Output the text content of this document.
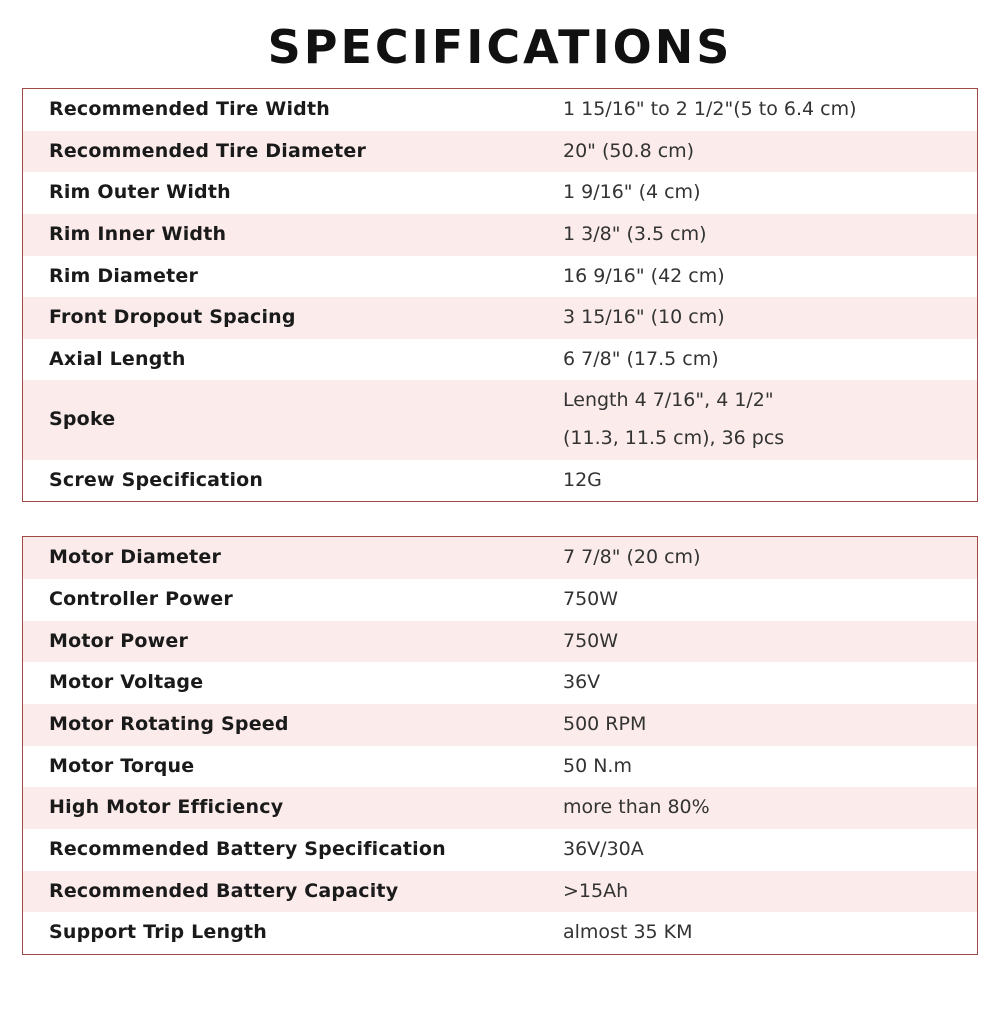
SPECIFICATIONS
Recommended Tire Width	1 15/16" to 2 1/2"(5 to 6.4 cm)
Recommended Tire Diameter	20" (50.8 cm)
Rim Outer Width	1 9/16" (4 cm)
Rim Inner Width	1 3/8" (3.5 cm)
Rim Diameter	16 9/16" (42 cm)
Front Dropout Spacing	3 15/16" (10 cm)
Axial Length	6 7/8" (17.5 cm)
Spoke	Length 4 7/16", 4 1/2"
(11.3, 11.5 cm), 36 pcs

Screw Specification	12G
Motor Diameter	7 7/8" (20 cm)
Controller Power	750W
Motor Power	750W
Motor Voltage	36V
Motor Rotating Speed	500 RPM
Motor Torque	50 N.m
High Motor Efficiency	more than 80%
Recommended Battery Specification	36V/30A
Recommended Battery Capacity	>15Ah
Support Trip Length	almost 35 KM
